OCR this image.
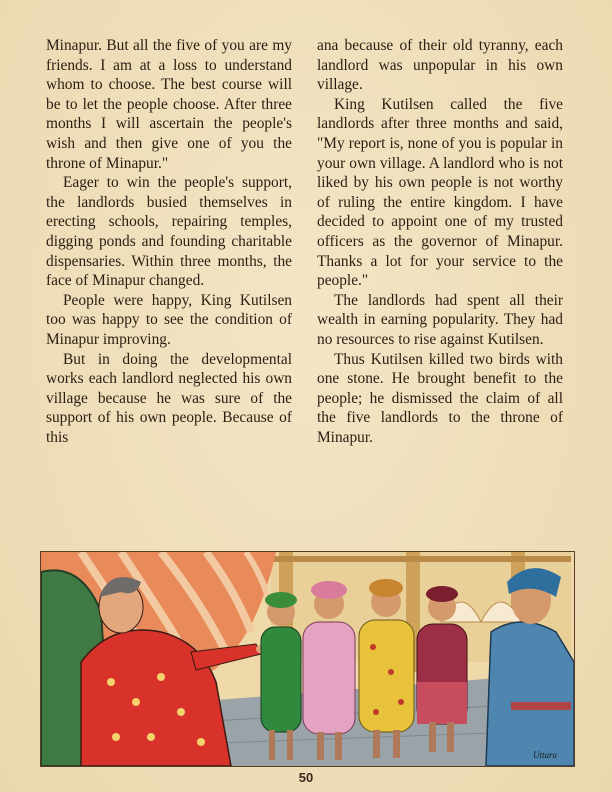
Minapur. But all the five of you are my friends. I am at a loss to understand whom to choose. The best course will be to let the people choose. After three months I will ascertain the people's wish and then give one of you the throne of Minapur."

Eager to win the people's support, the landlords busied themselves in erecting schools, repairing temples, digging ponds and founding charitable dispensaries. Within three months, the face of Minapur changed.

People were happy, King Kutilsen too was happy to see the condition of Minapur improving.

But in doing the developmental works each landlord neglected his own village because he was sure of the support of his own people. Because of this

ana because of their old tyranny, each landlord was unpopular in his own village.

King Kutilsen called the five landlords after three months and said, "My report is, none of you is popular in your own village. A landlord who is not liked by his own people is not worthy of ruling the entire kingdom. I have decided to appoint one of my trusted officers as the governor of Minapur. Thanks a lot for your service to the people."

The landlords had spent all their wealth in earning popularity. They had no resources to rise against Kutilsen.

Thus Kutilsen killed two birds with one stone. He brought benefit to the people; he dismissed the claim of all the five landlords to the throne of Minapur.

Uttara
50
